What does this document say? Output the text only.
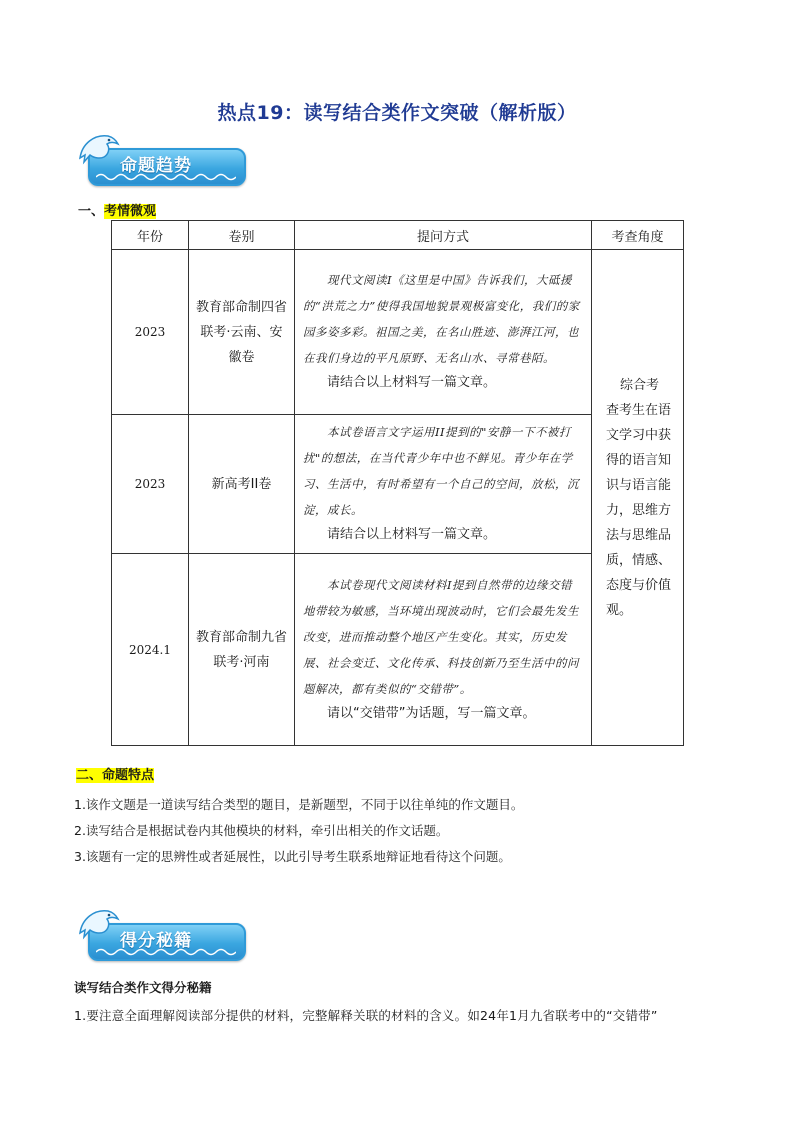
热点19：读写结合类作文突破（解析版）
命题趋势
一、考情微观
年份	卷别	提问方式	考查角度
2023	教育部命制四省联考·云南、安徽卷	现代文阅读Ⅰ《这里是中国》告诉我们，大砥援的“洪荒之力”使得我国地貌景观极富变化，我们的家园多姿多彩。祖国之美，在名山胜迹、澎湃江河，也在我们身边的平凡原野、无名山水、寻常巷陌。
请结合以上材料写一篇文章。	综合考查考生在语文学习中获得的语言知识与语言能力，思维方法与思维品质，情感、态度与价值观。
2023	新高考II卷	本试卷语言文字运用II提到的"安静一下不被打扰"的想法，在当代青少年中也不鲜见。青少年在学习、生活中，有时希望有一个自己的空间，放松，沉淀，成长。
请结合以上材料写一篇文章。	

2024.1	教育部命制九省联考·河南	本试卷现代文阅读材料Ⅰ提到自然带的边缘交错地带较为敏感，当环境出现波动时，它们会最先发生改变，进而推动整个地区产生变化。其实，历史发展、社会变迁、文化传承、科技创新乃至生活中的问题解决，都有类似的“交错带”。
请以“交错带”为话题，写一篇文章。	
二、命题特点
1.该作文题是一道读写结合类型的题目，是新题型，不同于以往单纯的作文题目。
2.读写结合是根据试卷内其他模块的材料，牵引出相关的作文话题。
3.该题有一定的思辨性或者延展性，以此引导考生联系地辩证地看待这个问题。
得分秘籍
读写结合类作文得分秘籍
1.要注意全面理解阅读部分提供的材料，完整解释关联的材料的含义。如24年1月九省联考中的“交错带”
